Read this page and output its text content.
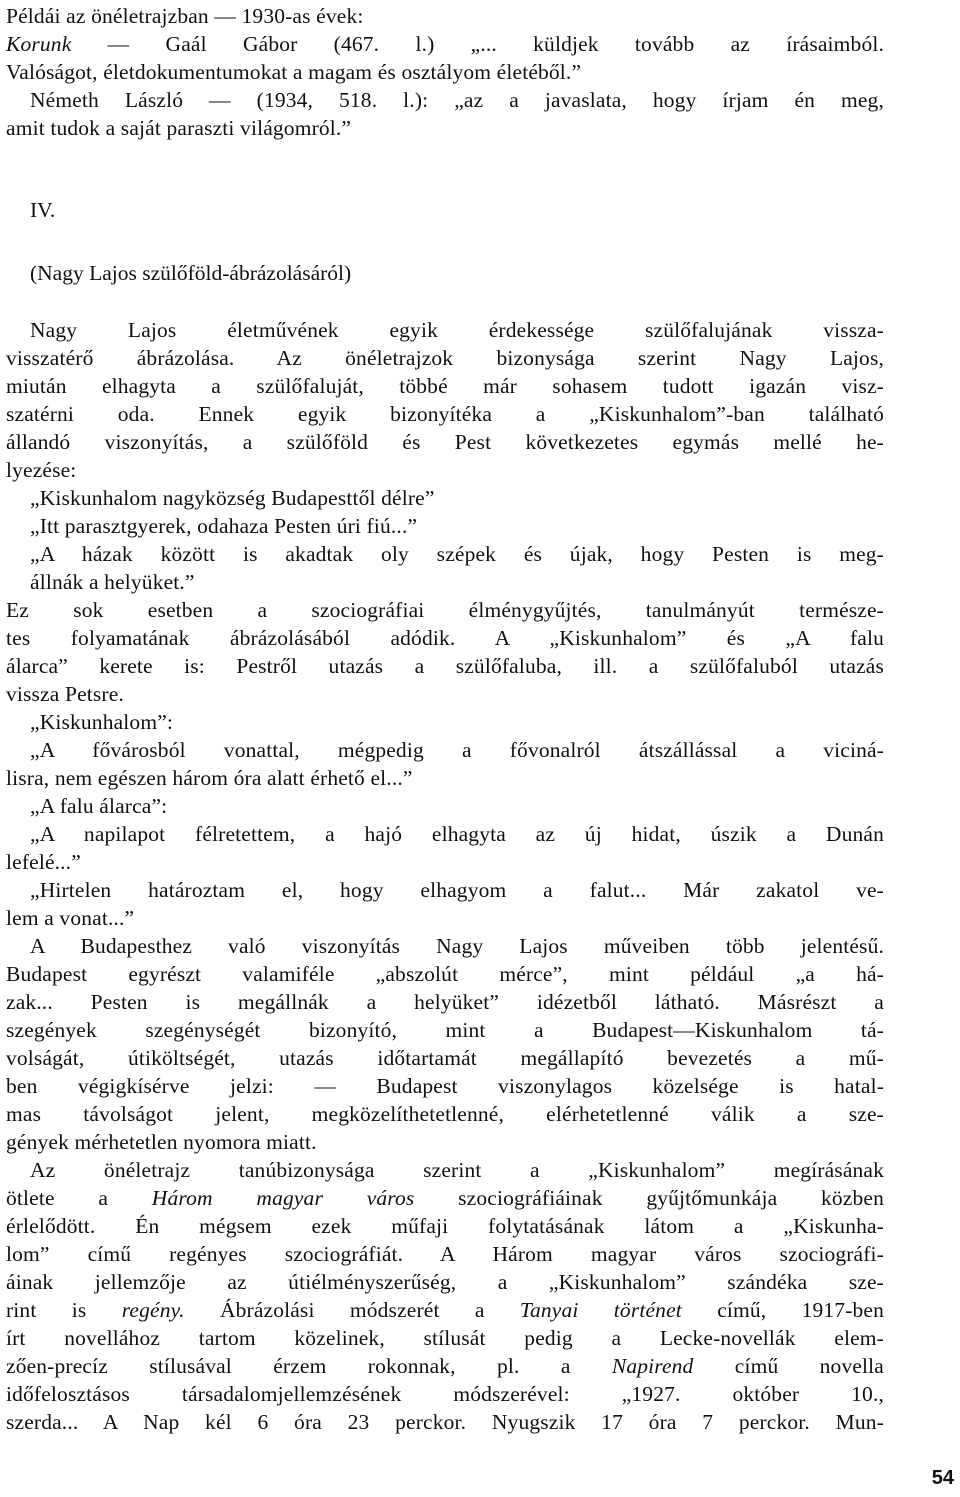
Példái az önéletrajzban — 1930-as évek:
Korunk — Gaál Gábor (467. l.) „... küldjek tovább az írásaimból.
Valóságot, életdokumentumokat a magam és osztályom életéből.”
Németh László — (1934, 518. l.): „az a javaslata, hogy írjam én meg,
amit tudok a saját paraszti világomról.”
IV.
(Nagy Lajos szülőföld-ábrázolásáról)
Nagy Lajos életművének egyik érdekessége szülőfalujának vissza-
visszatérő ábrázolása. Az önéletrajzok bizonysága szerint Nagy Lajos,
miután elhagyta a szülőfaluját, többé már sohasem tudott igazán visz-
szatérni oda. Ennek egyik bizonyítéka a „Kiskunhalom”-ban található
állandó viszonyítás, a szülőföld és Pest következetes egymás mellé he-
lyezése:
„Kiskunhalom nagyközség Budapesttől délre”
„Itt parasztgyerek, odahaza Pesten úri fiú...”
„A házak között is akadtak oly szépek és újak, hogy Pesten is meg-
állnák a helyüket.”
Ez sok esetben a szociográfiai élménygyűjtés, tanulmányút természe-
tes folyamatának ábrázolásából adódik. A „Kiskunhalom” és „A falu
álarca” kerete is: Pestről utazás a szülőfaluba, ill. a szülőfaluból utazás
vissza Petsre.
„Kiskunhalom”:
„A fővárosból vonattal, mégpedig a fővonalról átszállással a viciná-
lisra, nem egészen három óra alatt érhető el...”
„A falu álarca”:
„A napilapot félretettem, a hajó elhagyta az új hidat, úszik a Dunán
lefelé...”
„Hirtelen határoztam el, hogy elhagyom a falut... Már zakatol ve-
lem a vonat...”
A Budapesthez való viszonyítás Nagy Lajos műveiben több jelentésű.
Budapest egyrészt valamiféle „abszolút mérce”, mint például „a há-
zak... Pesten is megállnák a helyüket” idézetből látható. Másrészt a
szegények szegénységét bizonyító, mint a Budapest—Kiskunhalom tá-
volságát, útiköltségét, utazás időtartamát megállapító bevezetés a mű-
ben végigkísérve jelzi: — Budapest viszonylagos közelsége is hatal-
mas távolságot jelent, megközelíthetetlenné, elérhetetlenné válik a sze-
gények mérhetetlen nyomora miatt.
Az önéletrajz tanúbizonysága szerint a „Kiskunhalom” megírásának
ötlete a Három magyar város szociográfiáinak gyűjtőmunkája közben
érlelődött. Én mégsem ezek műfaji folytatásának látom a „Kiskunha-
lom” című regényes szociográfiát. A Három magyar város szociográfi-
áinak jellemzője az útiélményszerűség, a „Kiskunhalom” szándéka sze-
rint is regény. Ábrázolási módszerét a Tanyai történet című, 1917-ben
írt novellához tartom közelinek, stílusát pedig a Lecke-novellák elem-
zően-precíz stílusával érzem rokonnak, pl. a Napirend című novella
időfelosztásos társadalomjellemzésének módszerével: „1927. október 10.,
szerda... A Nap kél 6 óra 23 perckor. Nyugszik 17 óra 7 perckor. Mun-
54
